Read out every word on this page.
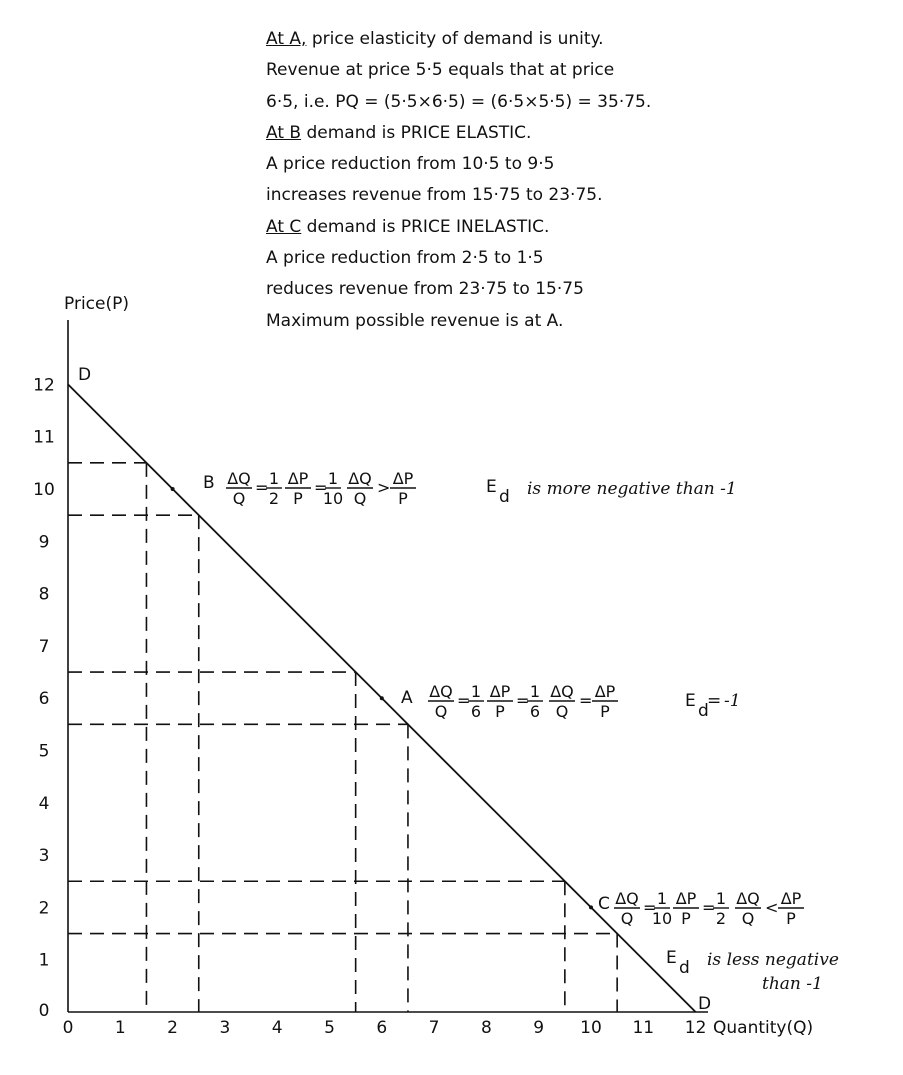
At A, price elasticity of demand is unity.
Revenue at price 5·5 equals that at price
6·5, i.e. PQ = (5·5×6·5) = (6·5×5·5) = 35·75.
At B demand is PRICE ELASTIC.
A price reduction from 10·5 to 9·5
increases revenue from 15·75 to 23·75.
At C demand is PRICE INELASTIC.
A price reduction from 2·5 to 1·5
reduces revenue from 23·75 to 15·75
Maximum possible revenue is at A.
Price(P)
Quantity(Q)
0 1 2 3 4 5 6 7 8 9 10 11 12
1
2
3
4
5
6
7
8
9
10
11
12
0
D
D
B
A
C
ΔQ
Q
= 1
2
ΔP
P
= 1
10
ΔQ
Q
> ΔP
P
ΔQ
Q
= 1
6
ΔP
P
= 1
6
ΔQ
Q
= ΔP
P
ΔQ
Q
= 1
10
ΔP
P
= 1
2
ΔQ
Q
< ΔP
P
E d is more negative than -1
E d
= -1
E d is less negative
than -1
